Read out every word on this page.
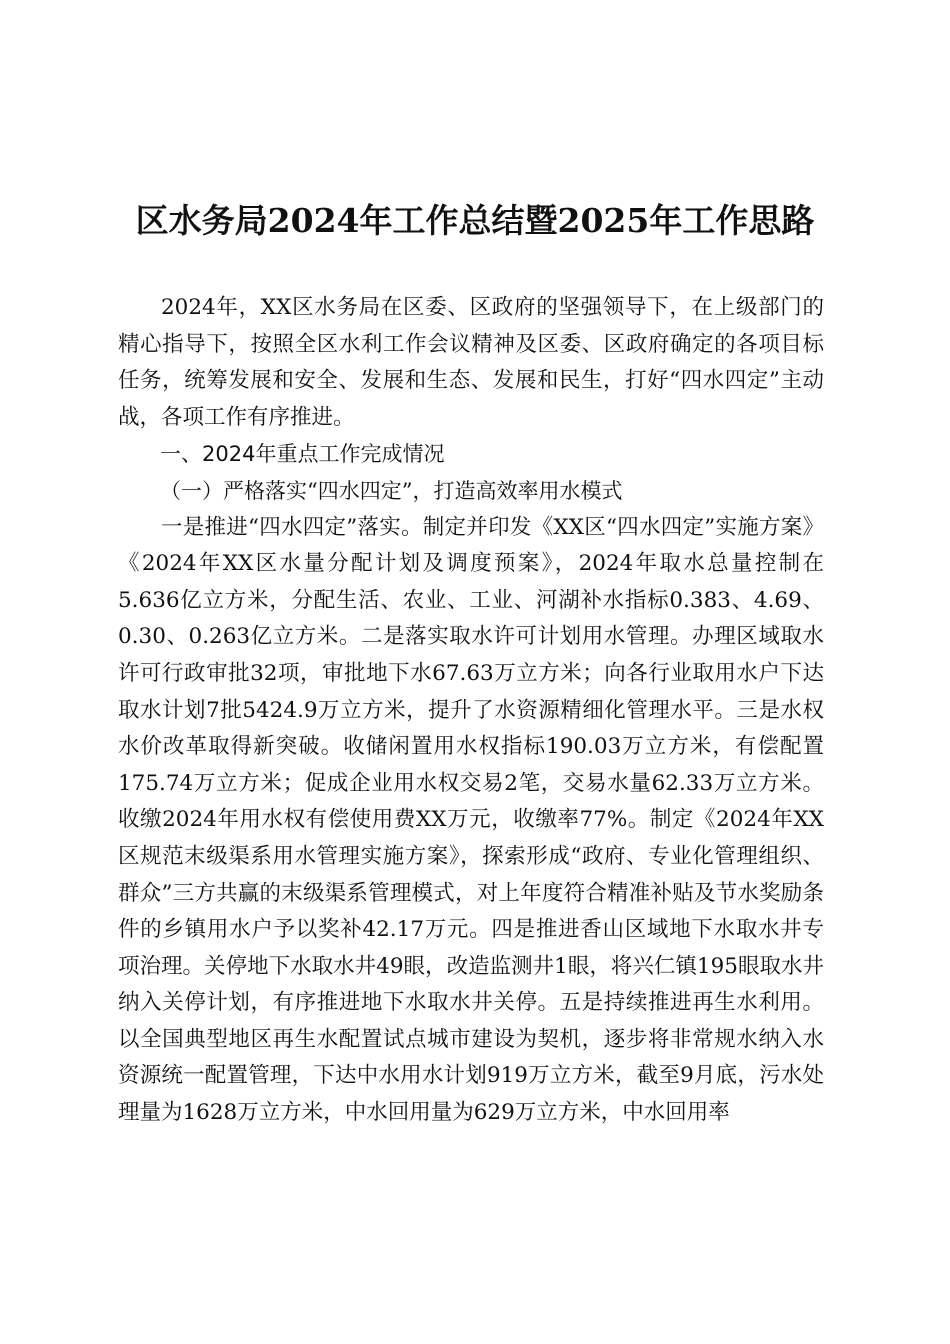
区水务局2024年工作总结暨2025年工作思路

2024年，XX区水务局在区委、区政府的坚强领导下，在上级部门的精心指导下，按照全区水利工作会议精神及区委、区政府确定的各项目标任务，统筹发展和安全、发展和生态、发展和民生，打好“四水四定”主动战，各项工作有序推进。

一、2024年重点工作完成情况

（一）严格落实“四水四定”，打造高效率用水模式

一是推进“四水四定”落实。制定并印发《XX区“四水四定”实施方案》《2024年XX区水量分配计划及调度预案》，2024年取水总量控制在5.636亿立方米，分配生活、农业、工业、河湖补水指标0.383、4.69、0.30、0.263亿立方米。二是落实取水许可计划用水管理。办理区域取水许可行政审批32项，审批地下水67.63万立方米；向各行业取用水户下达取水计划7批5424.9万立方米，提升了水资源精细化管理水平。三是水权水价改革取得新突破。收储闲置用水权指标190.03万立方米，有偿配置175.74万立方米；促成企业用水权交易2笔，交易水量62.33万立方米。收缴2024年用水权有偿使用费XX万元，收缴率77%。制定《2024年XX区规范末级渠系用水管理实施方案》，探索形成“政府、专业化管理组织、群众”三方共赢的末级渠系管理模式，对上年度符合精准补贴及节水奖励条件的乡镇用水户予以奖补42.17万元。四是推进香山区域地下水取水井专项治理。关停地下水取水井49眼，改造监测井1眼，将兴仁镇195眼取水井纳入关停计划，有序推进地下水取水井关停。五是持续推进再生水利用。以全国典型地区再生水配置试点城市建设为契机，逐步将非常规水纳入水资源统一配置管理，下达中水用水计划919万立方米，截至9月底，污水处理量为1628万立方米，中水回用量为629万立方米，中水回用率
